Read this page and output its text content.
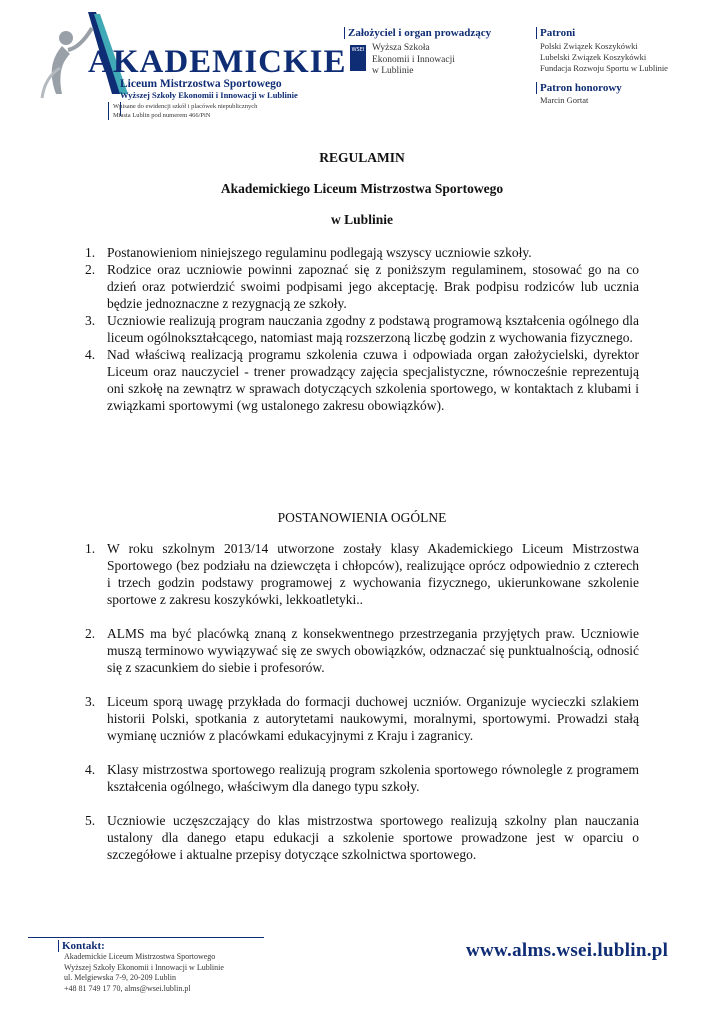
AKADEMICKIE
Liceum Mistrzostwa Sportowego
Wyższej Szkoły Ekonomii i Innowacji w Lublinie
Wpisane do ewidencji szkół i placówek niepublicznych
Miasta Lublin pod numerem 466/PiN
Założyciel i organ prowadzący
WSEI Wyższa Szkoła
Ekonomii i Innowacji
w Lublinie
Patroni
Polski Związek Koszykówki
Lubelski Związek Koszykówki
Fundacja Rozwoju Sportu w Lublinie
Patron honorowy
Marcin Gortat
REGULAMIN
Akademickiego Liceum Mistrzostwa Sportowego
w Lublinie
1. Postanowieniom niniejszego regulaminu podlegają wszyscy uczniowie szkoły.
2. Rodzice oraz uczniowie powinni zapoznać się z poniższym regulaminem, stosować go na co dzień oraz potwierdzić swoimi podpisami jego akceptację. Brak podpisu rodziców lub ucznia będzie jednoznaczne z rezygnacją ze szkoły.
3. Uczniowie realizują program nauczania zgodny z podstawą programową kształcenia ogólnego dla liceum ogólnokształcącego, natomiast mają rozszerzoną liczbę godzin z wychowania fizycznego.
4. Nad właściwą realizacją programu szkolenia czuwa i odpowiada organ założycielski, dyrektor Liceum oraz nauczyciel - trener prowadzący zajęcia specjalistyczne, równocześnie reprezentują oni szkołę na zewnątrz w sprawach dotyczących szkolenia sportowego, w kontaktach z klubami i związkami sportowymi (wg ustalonego zakresu obowiązków).
POSTANOWIENIA OGÓLNE
1. W roku szkolnym 2013/14 utworzone zostały klasy Akademickiego Liceum Mistrzostwa Sportowego (bez podziału na dziewczęta i chłopców), realizujące oprócz odpowiednio z czterech i trzech godzin podstawy programowej z wychowania fizycznego, ukierunkowane szkolenie sportowe z zakresu koszykówki, lekkoatletyki..
2. ALMS ma być placówką znaną z konsekwentnego przestrzegania przyjętych praw. Uczniowie muszą terminowo wywiązywać się ze swych obowiązków, odznaczać się punktualnością, odnosić się z szacunkiem do siebie i profesorów.
3. Liceum sporą uwagę przykłada do formacji duchowej uczniów. Organizuje wycieczki szlakiem historii Polski, spotkania z autorytetami naukowymi, moralnymi, sportowymi. Prowadzi stałą wymianę uczniów z placówkami edukacyjnymi z Kraju i zagranicy.
4. Klasy mistrzostwa sportowego realizują program szkolenia sportowego równolegle z programem kształcenia ogólnego, właściwym dla danego typu szkoły.
5. Uczniowie uczęszczający do klas mistrzostwa sportowego realizują szkolny plan nauczania ustalony dla danego etapu edukacji a szkolenie sportowe prowadzone jest w oparciu o szczegółowe i aktualne przepisy dotyczące szkolnictwa sportowego.
Kontakt:
Akademickie Liceum Mistrzostwa Sportowego
Wyższej Szkoły Ekonomii i Innowacji w Lublinie
ul. Melgiewska 7-9, 20-209 Lublin
+48 81 749 17 70, alms@wsei.lublin.pl
www.alms.wsei.lublin.pl
